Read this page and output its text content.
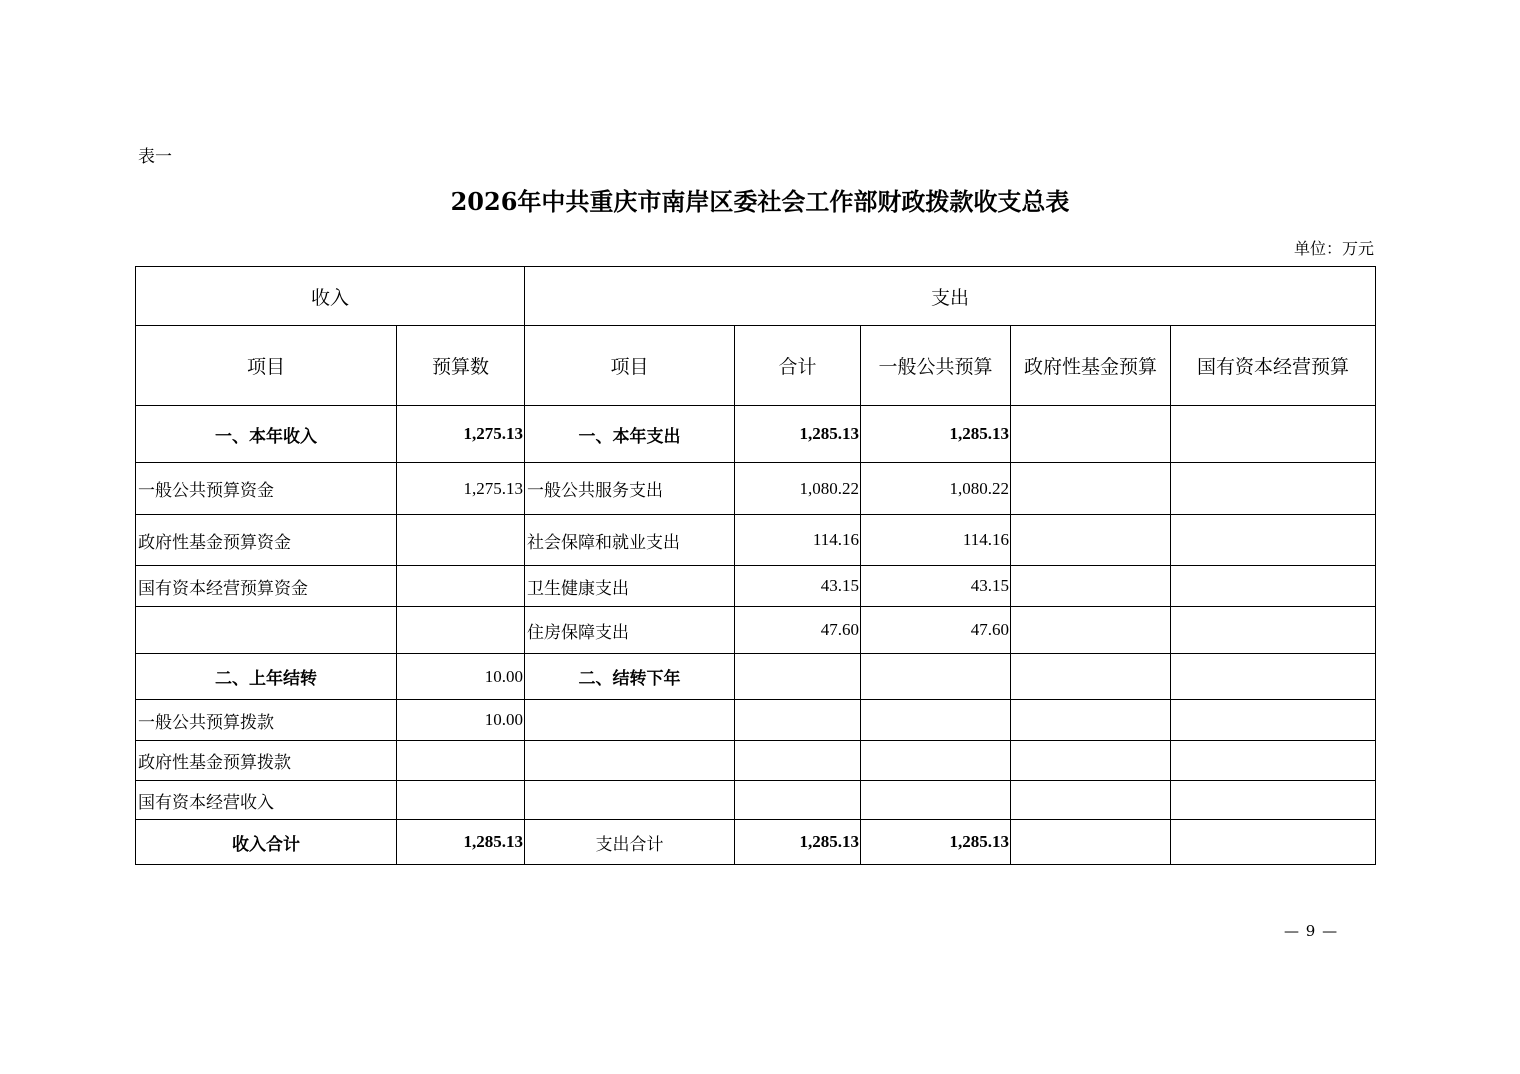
表一
2026年中共重庆市南岸区委社会工作部财政拨款收支总表
单位：万元
收入		支出				
项目	预算数	项目	合计	一般公共预算	政府性基金预算	国有资本经营预算
一、本年收入	1,275.13	一、本年支出	1,285.13	1,285.13		
一般公共预算资金	1,275.13	一般公共服务支出	1,080.22	1,080.22		
政府性基金预算资金		社会保障和就业支出	114.16	114.16		
国有资本经营预算资金		卫生健康支出	43.15	43.15		
		住房保障支出	47.60	47.60		
二、上年结转	10.00	二、结转下年				
一般公共预算拨款	10.00					
政府性基金预算拨款						
国有资本经营收入						
收入合计	1,285.13	支出合计	1,285.13	1,285.13		
— 9 —
